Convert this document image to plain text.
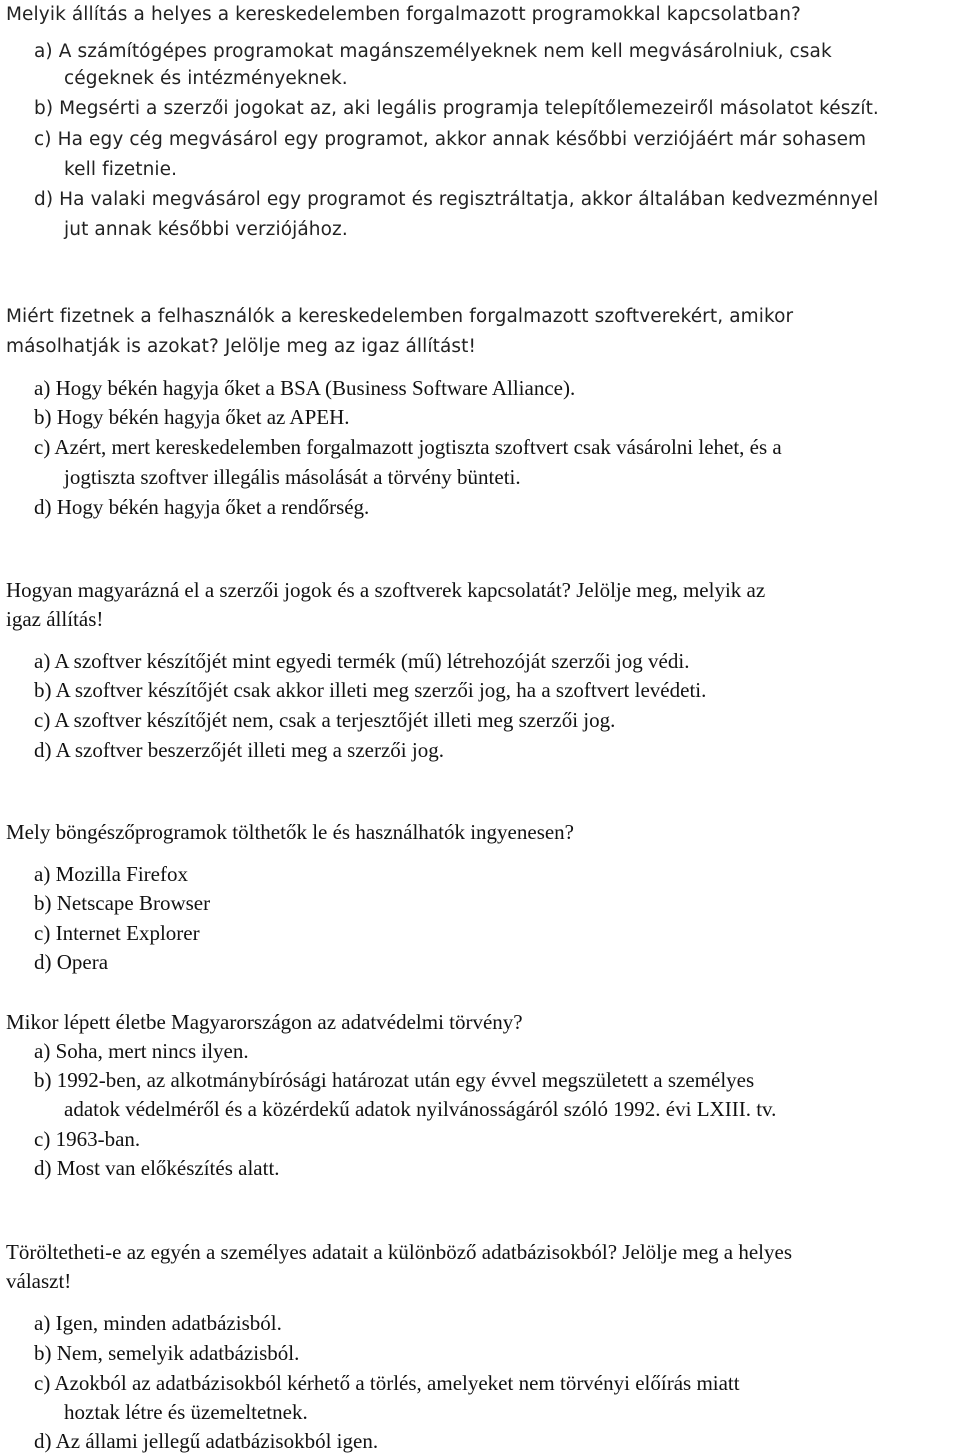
Melyik állítás a helyes a kereskedelemben forgalmazott programokkal kapcsolatban?
a) A számítógépes programokat magánszemélyeknek nem kell megvásárolniuk, csak
cégeknek és intézményeknek.
b) Megsérti a szerzői jogokat az, aki legális programja telepítőlemezeiről másolatot készít.
c) Ha egy cég megvásárol egy programot, akkor annak későbbi verziójáért már sohasem
kell fizetnie.
d) Ha valaki megvásárol egy programot és regisztráltatja, akkor általában kedvezménnyel
jut annak későbbi verziójához.
Miért fizetnek a felhasználók a kereskedelemben forgalmazott szoftverekért, amikor
másolhatják is azokat? Jelölje meg az igaz állítást!
a) Hogy békén hagyja őket a BSA (Business Software Alliance).
b) Hogy békén hagyja őket az APEH.
c) Azért, mert kereskedelemben forgalmazott jogtiszta szoftvert csak vásárolni lehet, és a
jogtiszta szoftver illegális másolását a törvény bünteti.
d) Hogy békén hagyja őket a rendőrség.
Hogyan magyarázná el a szerzői jogok és a szoftverek kapcsolatát? Jelölje meg, melyik az
igaz állítás!
a) A szoftver készítőjét mint egyedi termék (mű) létrehozóját szerzői jog védi.
b) A szoftver készítőjét csak akkor illeti meg szerzői jog, ha a szoftvert levédeti.
c) A szoftver készítőjét nem, csak a terjesztőjét illeti meg szerzői jog.
d) A szoftver beszerzőjét illeti meg a szerzői jog.
Mely böngészőprogramok tölthetők le és használhatók ingyenesen?
a) Mozilla Firefox
b) Netscape Browser
c) Internet Explorer
d) Opera
Mikor lépett életbe Magyarországon az adatvédelmi törvény?
a) Soha, mert nincs ilyen.
b) 1992-ben, az alkotmánybírósági határozat után egy évvel megszületett a személyes
adatok védelméről és a közérdekű adatok nyilvánosságáról szóló 1992. évi LXIII. tv.
c) 1963-ban.
d) Most van előkészítés alatt.
Töröltetheti-e az egyén a személyes adatait a különböző adatbázisokból? Jelölje meg a helyes
választ!
a) Igen, minden adatbázisból.
b) Nem, semelyik adatbázisból.
c) Azokból az adatbázisokból kérhető a törlés, amelyeket nem törvényi előírás miatt
hoztak létre és üzemeltetnek.
d) Az állami jellegű adatbázisokból igen.
